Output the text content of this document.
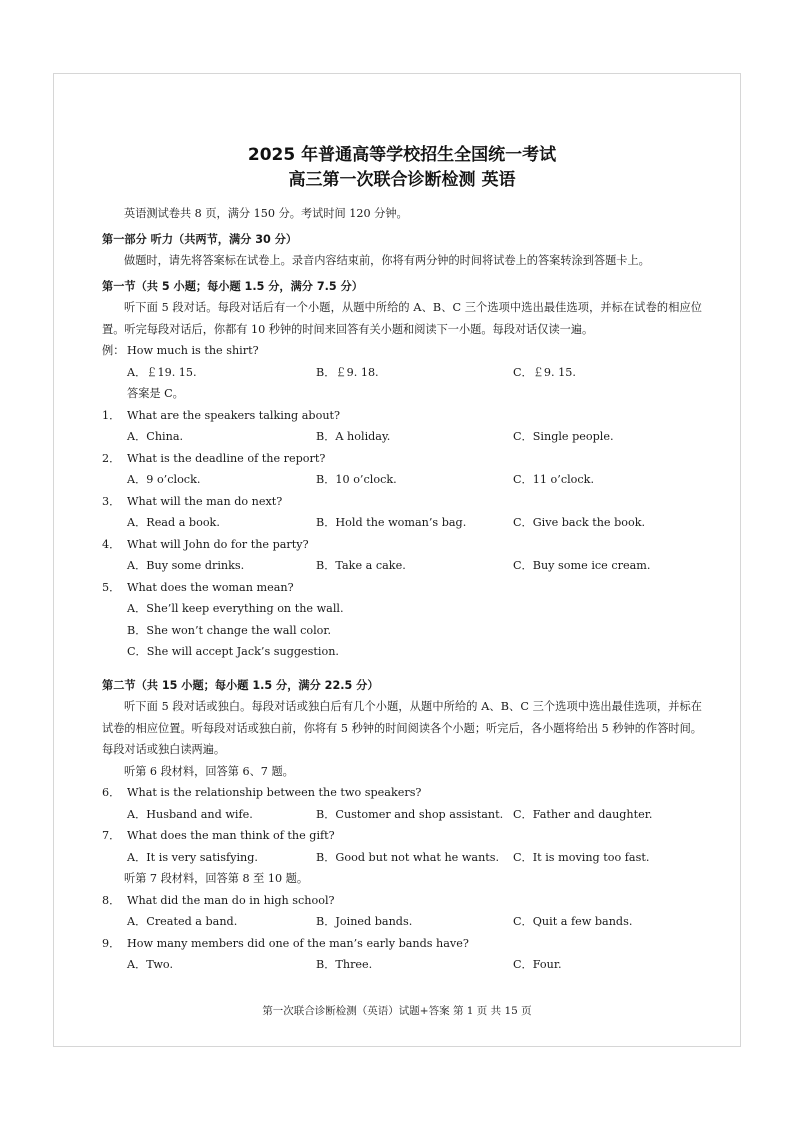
2025 年普通高等学校招生全国统一考试
高三第一次联合诊断检测 英语
英语测试卷共 8 页，满分 150 分。考试时间 120 分钟。
第一部分 听力（共两节，满分 30 分）
做题时，请先将答案标在试卷上。录音内容结束前，你将有两分钟的时间将试卷上的答案转涂到答题卡上。
第一节（共 5 小题；每小题 1.5 分，满分 7.5 分）
听下面 5 段对话。每段对话后有一个小题，从题中所给的 A、B、C 三个选项中选出最佳选项，并标在试卷的相应位置。听完每段对话后，你都有 10 秒钟的时间来回答有关小题和阅读下一小题。每段对话仅读一遍。
例： How much is the shirt?
A．￡19. 15.	B．￡9. 18.	C．￡9. 15.
答案是 C。
1． What are the speakers talking about?
A．China.	B．A holiday.	C．Single people.
2． What is the deadline of the report?
A．9 o’clock.	B．10 o’clock.	C．11 o’clock.
3． What will the man do next?
A．Read a book.	B．Hold the woman’s bag.	C．Give back the book.
4． What will John do for the party?
A．Buy some drinks.	B．Take a cake.	C．Buy some ice cream.
5． What does the woman mean?
A．She’ll keep everything on the wall.
B．She won’t change the wall color.
C．She will accept Jack’s suggestion.
第二节（共 15 小题；每小题 1.5 分，满分 22.5 分）
听下面 5 段对话或独白。每段对话或独白后有几个小题，从题中所给的 A、B、C 三个选项中选出最佳选项，并标在试卷的相应位置。听每段对话或独白前，你将有 5 秒钟的时间阅读各个小题；听完后，各小题将给出 5 秒钟的作答时间。每段对话或独白读两遍。
听第 6 段材料，回答第 6、7 题。
6． What is the relationship between the two speakers?
A．Husband and wife.	B．Customer and shop assistant. C．Father and daughter.
7． What does the man think of the gift?
A．It is very satisfying.	B．Good but not what he wants. C．It is moving too fast.
听第 7 段材料，回答第 8 至 10 题。
8． What did the man do in high school?
A．Created a band.	B．Joined bands.	C．Quit a few bands.
9． How many members did one of the man’s early bands have?
A．Two.	B．Three.	C．Four.
第一次联合诊断检测（英语）试题+答案 第 1 页 共 15 页
